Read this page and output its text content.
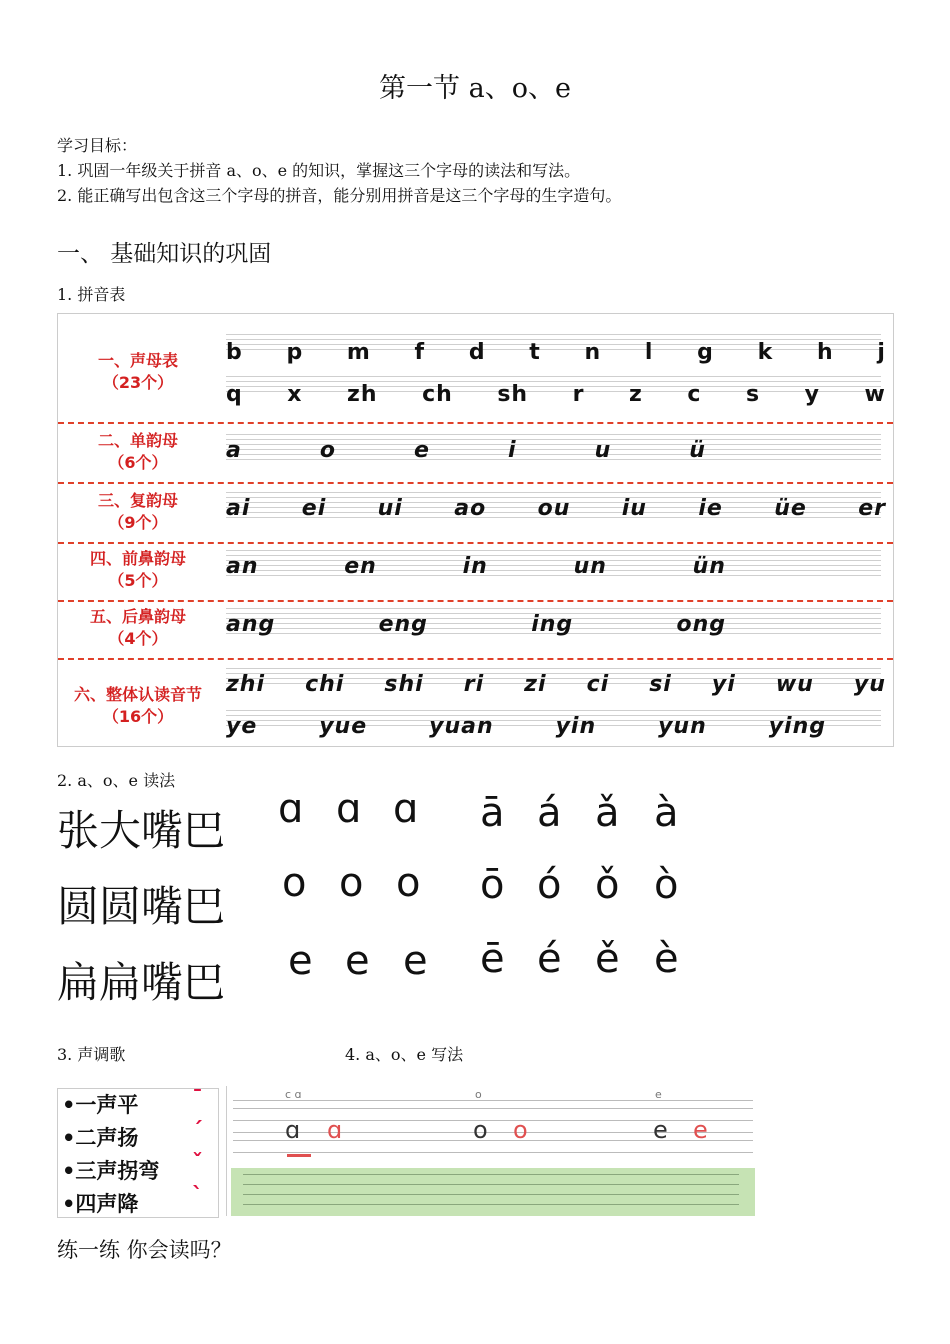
第一节 a、o、e
学习目标：
1. 巩固一年级关于拼音 a、o、e 的知识，掌握这三个字母的读法和写法。
2. 能正确写出包含这三个字母的拼音，能分别用拼音是这三个字母的生字造句。
一、 基础知识的巩固
1. 拼音表
一、声母表
（23个）
b p m f d t n l g k h j
q x zh ch sh r z c s y w
二、单韵母
（6个）	a	o	e	i	u	ü
三、复韵母
（9个）
ai ei ui ao ou iu ie üe er
四、前鼻韵母
（5个）
an	en	in	un	ün
五、后鼻韵母
（4个）
ang	eng	ing	ong
六、整体认读音节
（16个）
zhi chi shi ri zi ci si yi wu yu
ye	yue	yuan	yin	yun	ying
2. a、o、e 读法
张大嘴巴
圆圆嘴巴
扁扁嘴巴
ɑ ɑ ɑ ā á ǎ à
o o o ō ó ǒ ò
e e e ē é ě è
3. 声调歌	4. a、o、e 写法
•一声平
•二声扬
•三声拐弯
•四声降
ˉ
ˊ
ˇ
ˋ
c ɑ	o	e
ɑ ɑ	o o	e e
练一练 你会读吗？
